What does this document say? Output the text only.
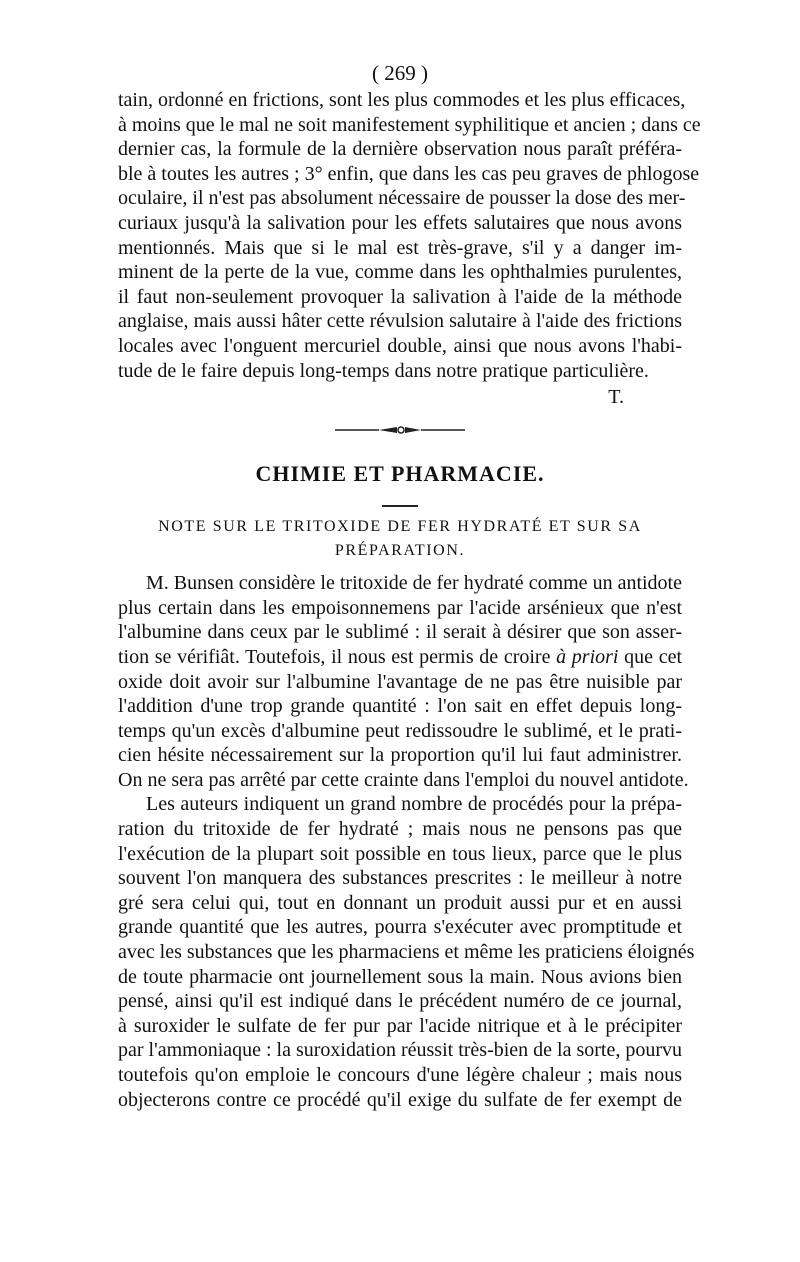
( 269 )
tain, ordonné en frictions, sont les plus commodes et les plus efficaces,
à moins que le mal ne soit manifestement syphilitique et ancien ; dans ce
dernier cas, la formule de la dernière observation nous paraît préféra-
ble à toutes les autres ; 3° enfin, que dans les cas peu graves de phlogose
oculaire, il n'est pas absolument nécessaire de pousser la dose des mer-
curiaux jusqu'à la salivation pour les effets salutaires que nous avons
mentionnés. Mais que si le mal est très-grave, s'il y a danger im-
minent de la perte de la vue, comme dans les ophthalmies purulentes,
il faut non-seulement provoquer la salivation à l'aide de la méthode
anglaise, mais aussi hâter cette révulsion salutaire à l'aide des frictions
locales avec l'onguent mercuriel double, ainsi que nous avons l'habi-
tude de le faire depuis long-temps dans notre pratique particulière.
T.
CHIMIE ET PHARMACIE.
NOTE SUR LE TRITOXIDE DE FER HYDRATÉ ET SUR SA
PRÉPARATION.
M. Bunsen considère le tritoxide de fer hydraté comme un antidote
plus certain dans les empoisonnemens par l'acide arsénieux que n'est
l'albumine dans ceux par le sublimé : il serait à désirer que son asser-
tion se vérifiât. Toutefois, il nous est permis de croire à priori que cet
oxide doit avoir sur l'albumine l'avantage de ne pas être nuisible par
l'addition d'une trop grande quantité : l'on sait en effet depuis long-
temps qu'un excès d'albumine peut redissoudre le sublimé, et le prati-
cien hésite nécessairement sur la proportion qu'il lui faut administrer.
On ne sera pas arrêté par cette crainte dans l'emploi du nouvel antidote.
Les auteurs indiquent un grand nombre de procédés pour la prépa-
ration du tritoxide de fer hydraté ; mais nous ne pensons pas que
l'exécution de la plupart soit possible en tous lieux, parce que le plus
souvent l'on manquera des substances prescrites : le meilleur à notre
gré sera celui qui, tout en donnant un produit aussi pur et en aussi
grande quantité que les autres, pourra s'exécuter avec promptitude et
avec les substances que les pharmaciens et même les praticiens éloignés
de toute pharmacie ont journellement sous la main. Nous avions bien
pensé, ainsi qu'il est indiqué dans le précédent numéro de ce journal,
à suroxider le sulfate de fer pur par l'acide nitrique et à le précipiter
par l'ammoniaque : la suroxidation réussit très-bien de la sorte, pourvu
toutefois qu'on emploie le concours d'une légère chaleur ; mais nous
objecterons contre ce procédé qu'il exige du sulfate de fer exempt de
